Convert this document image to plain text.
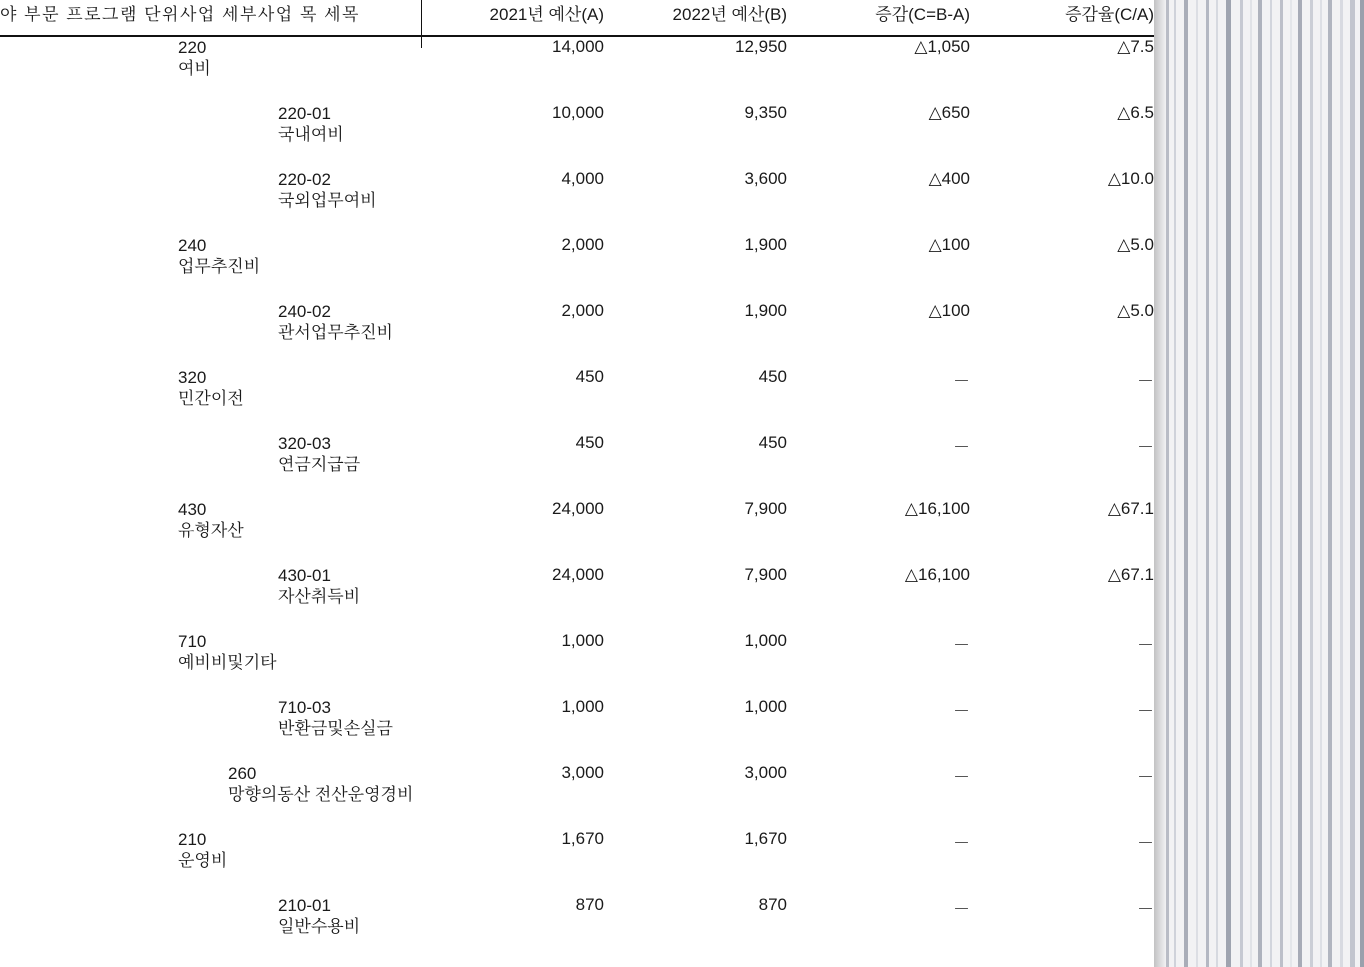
야 부문 프로그램 단위사업 세부사업 목 세목	2021년 예산(A)	2022년 예산(B)	증감(C=B-A)	증감율(C/A)

220
여비	14,000	12,950	△1,050	△7.5

220-01
국내여비	10,000	9,350	△650	△6.5

220-02
국외업무여비	4,000	3,600	△400	△10.0

240
업무추진비	2,000	1,900	△100	△5.0

240-02
관서업무추진비	2,000	1,900	△100	△5.0

320
민간이전	450	450	－	－

320-03
연금지급금	450	450	－	－

430
유형자산	24,000	7,900	△16,100	△67.1

430-01
자산취득비	24,000	7,900	△16,100	△67.1

710
예비비및기타	1,000	1,000	－	－

710-03
반환금및손실금	1,000	1,000	－	－

260
망향의동산 전산운영경비	3,000	3,000	－	－

210
운영비	1,670	1,670	－	－

210-01
일반수용비	870	870	－	－
